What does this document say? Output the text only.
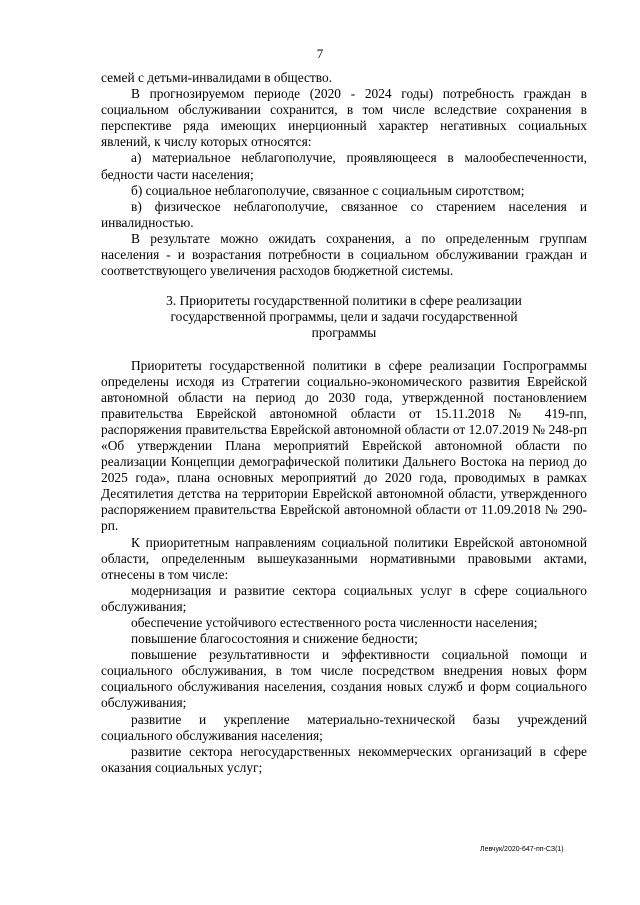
7

семей с детьми-инвалидами в общество.

В прогнозируемом периоде (2020 - 2024 годы) потребность граждан в социальном обслуживании сохранится, в том числе вследствие сохранения в перспективе ряда имеющих инерционный характер негативных социальных явлений, к числу которых относятся:

а) материальное неблагополучие, проявляющееся в малообеспеченности, бедности части населения;

б) социальное неблагополучие, связанное с социальным сиротством;

в) физическое неблагополучие, связанное со старением населения и инвалидностью.

В результате можно ожидать сохранения, а по определенным группам населения - и возрастания потребности в социальном обслуживании граждан и соответствующего увеличения расходов бюджетной системы.

3. Приоритеты государственной политики в сфере реализации
государственной программы, цели и задачи государственной
программы

Приоритеты государственной политики в сфере реализации Госпрограммы определены исходя из Стратегии социально-экономического развития Еврейской автономной области на период до 2030 года, утвержденной постановлением правительства Еврейской автономной области от 15.11.2018 № 419-пп, распоряжения правительства Еврейской автономной области от 12.07.2019 № 248-рп «Об утверждении Плана мероприятий Еврейской автономной области по реализации Концепции демографической политики Дальнего Востока на период до 2025 года», плана основных мероприятий до 2020 года, проводимых в рамках Десятилетия детства на территории Еврейской автономной области, утвержденного распоряжением правительства Еврейской автономной области от 11.09.2018 № 290-рп.

К приоритетным направлениям социальной политики Еврейской автономной области, определенным вышеуказанными нормативными правовыми актами, отнесены в том числе:

модернизация и развитие сектора социальных услуг в сфере социального обслуживания;

обеспечение устойчивого естественного роста численности населения;

повышение благосостояния и снижение бедности;

повышение результативности и эффективности социальной помощи и социального обслуживания, в том числе посредством внедрения новых форм социального обслуживания населения, создания новых служб и форм социального обслуживания;

развитие и укрепление материально-технической базы учреждений социального обслуживания населения;

развитие сектора негосударственных некоммерческих организаций в сфере оказания социальных услуг;

Левчук/2020-647-пп-СЗ(1)
